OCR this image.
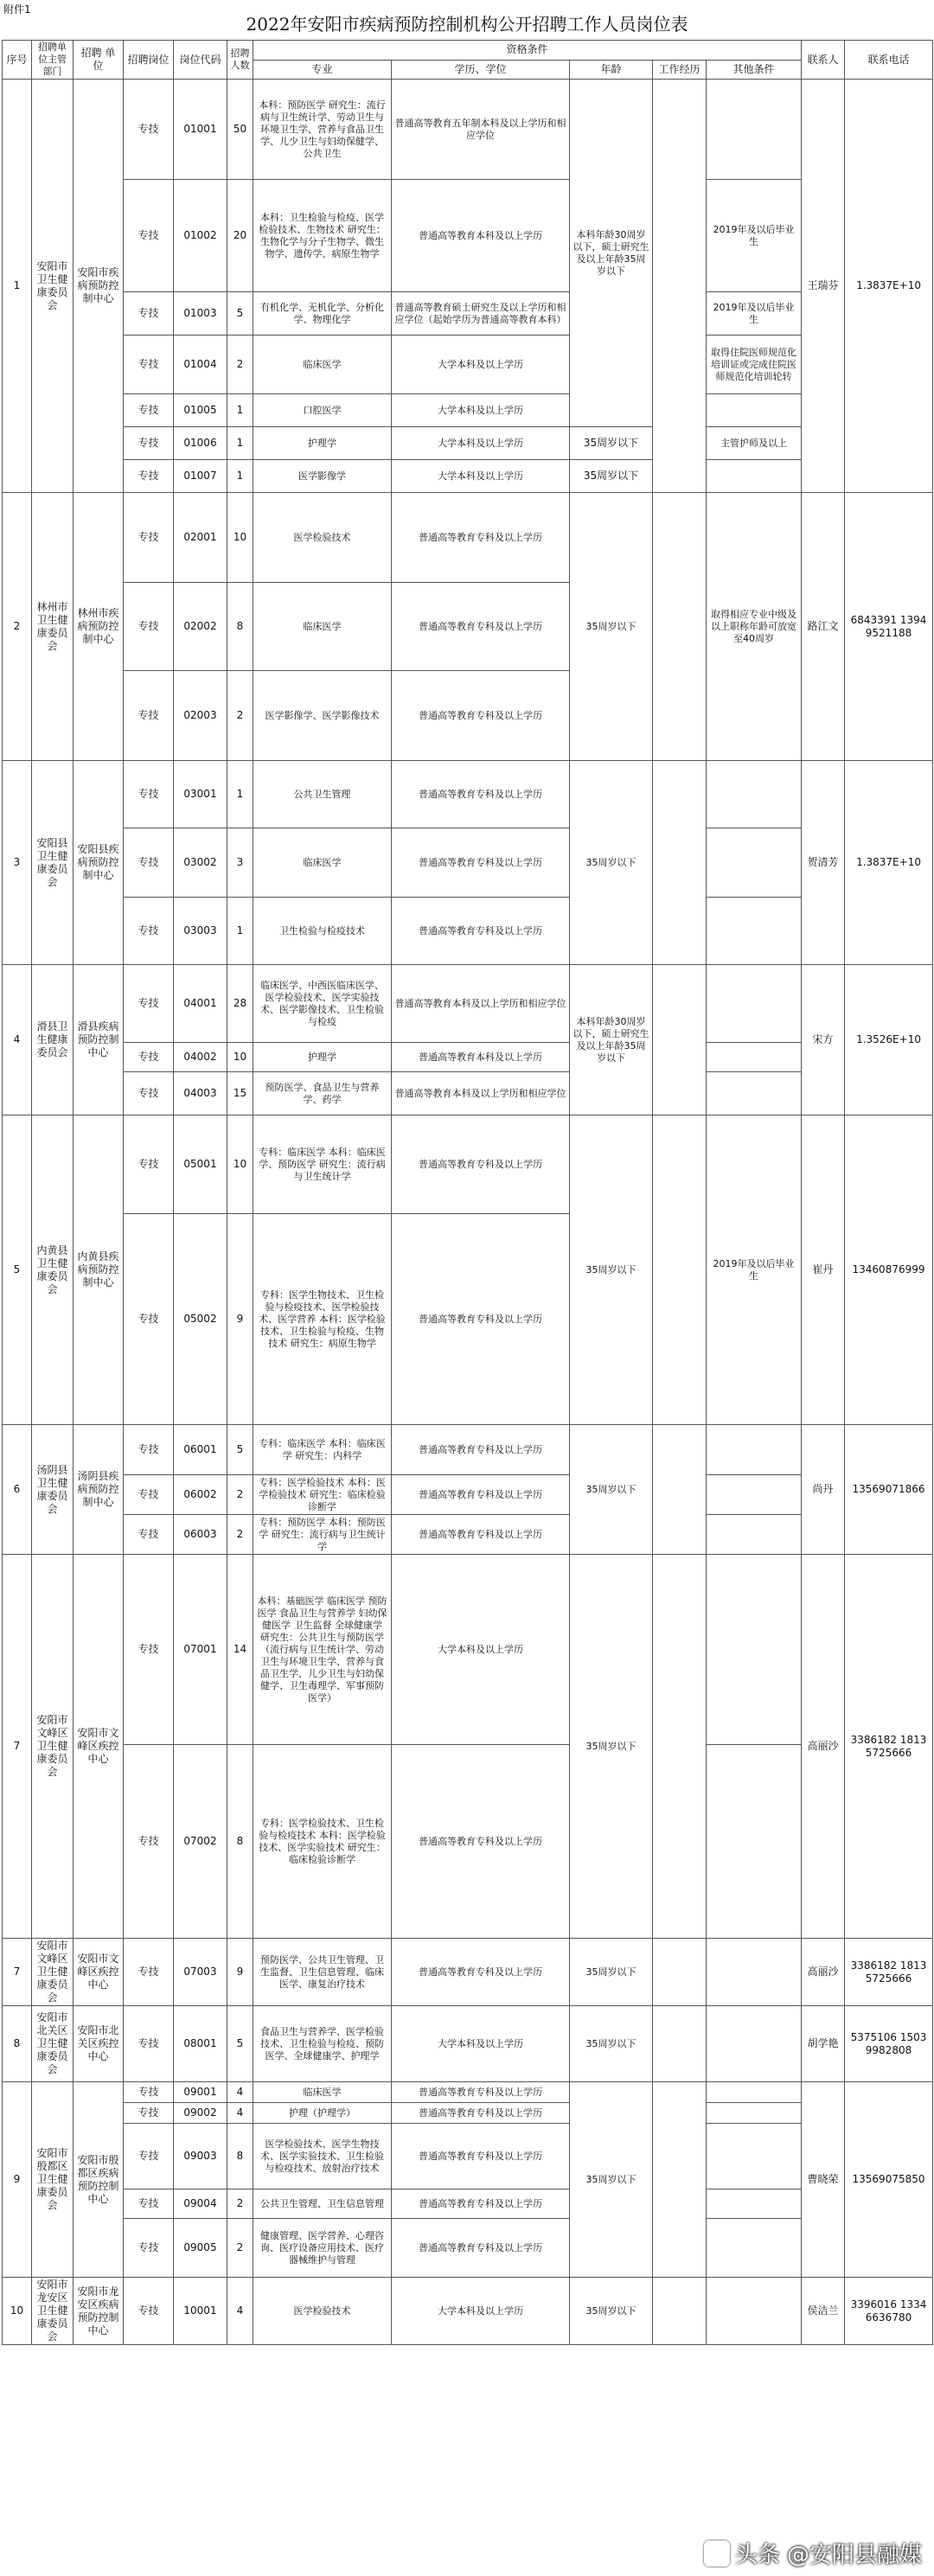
附件1
2022年安阳市疾病预防控制机构公开招聘工作人员岗位表
序号	招聘单位主管部门	招聘 单位	招聘岗位	岗位代码	招聘人数	资格条件					联系人	联系电话
						专业	学历、学位	年龄	工作经历	其他条件		
1	安阳市卫生健康委员会	安阳市疾病预防控制中心	专技	01001	50	本科：预防医学 研究生：流行病与卫生统计学、劳动卫生与环境卫生学、营养与食品卫生学、儿少卫生与妇幼保健学、公共卫生	普通高等教育五年制本科及以上学历和相应学位	本科年龄30周岁以下，硕士研究生及以上年龄35周岁以下			王瑞芬	1.3837E+10
			专技	01002	20	本科：卫生检验与检疫、医学检验技术、生物技术 研究生：生物化学与分子生物学、微生物学、遗传学、病原生物学	普通高等教育本科及以上学历			2019年及以后毕业生		
			专技	01003	5	有机化学、无机化学、分析化学、物理化学	普通高等教育硕士研究生及以上学历和相应学位（起始学历为普通高等教育本科）			2019年及以后毕业生		
			专技	01004	2	临床医学	大学本科及以上学历			取得住院医师规范化培训证或完成住院医师规范化培训轮转		
			专技	01005	1	口腔医学	大学本科及以上学历					
			专技	01006	1	护理学	大学本科及以上学历	35周岁以下		主管护师及以上		
			专技	01007	1	医学影像学	大学本科及以上学历	35周岁以下				
2	林州市卫生健康委员会	林州市疾病预防控制中心	专技	02001	10	医学检验技术	普通高等教育专科及以上学历	35周岁以下		取得相应专业中级及以上职称年龄可放宽至40周岁	路江文	6843391 13949521188
			专技	02002	8	临床医学	普通高等教育专科及以上学历					
			专技	02003	2	医学影像学、医学影像技术	普通高等教育专科及以上学历					
3	安阳县卫生健康委员会	安阳县疾病预防控制中心	专技	03001	1	公共卫生管理	普通高等教育专科及以上学历	35周岁以下			贺清芳	1.3837E+10
			专技	03002	3	临床医学	普通高等教育专科及以上学历					
			专技	03003	1	卫生检验与检疫技术	普通高等教育专科及以上学历					
4	滑县卫生健康委员会	滑县疾病预防控制中心	专技	04001	28	临床医学、中西医临床医学、医学检验技术、医学实验技术、医学影像技术、卫生检验与检疫	普通高等教育本科及以上学历和相应学位	本科年龄30周岁以下，硕士研究生及以上年龄35周岁以下			宋方	1.3526E+10
			专技	04002	10	护理学	普通高等教育本科及以上学历					
			专技	04003	15	预防医学、食品卫生与营养学、药学	普通高等教育本科及以上学历和相应学位					
5	内黄县卫生健康委员会	内黄县疾病预防控制中心	专技	05001	10	专科：临床医学 本科：临床医学、预防医学 研究生：流行病与卫生统计学	普通高等教育专科及以上学历	35周岁以下		2019年及以后毕业生	崔丹	13460876999
			专技	05002	9	专科：医学生物技术、卫生检验与检疫技术、医学检验技术、医学营养 本科：医学检验技术、卫生检验与检疫、生物技术 研究生：病原生物学	普通高等教育专科及以上学历					
6	汤阴县卫生健康委员会	汤阴县疾病预防控制中心	专技	06001	5	专科：临床医学 本科：临床医学 研究生：内科学	普通高等教育专科及以上学历	35周岁以下			尚丹	13569071866
			专技	06002	2	专科：医学检验技术 本科：医学检验技术 研究生：临床检验诊断学	普通高等教育专科及以上学历					
			专技	06003	2	专科：预防医学 本科：预防医学 研究生：流行病与卫生统计学	普通高等教育专科及以上学历					
7	安阳市文峰区卫生健康委员会	安阳市文峰区疾控中心	专技	07001	14	本科：基础医学 临床医学 预防医学 食品卫生与营养学 妇幼保健医学 卫生监督 全球健康学 研究生：公共卫生与预防医学（流行病与卫生统计学、劳动卫生与环境卫生学、营养与食品卫生学、儿少卫生与妇幼保健学、卫生毒理学、军事预防医学）	大学本科及以上学历	35周岁以下			高丽沙	3386182 18135725666
			专技	07002	8	专科：医学检验技术、卫生检验与检疫技术 本科：医学检验技术、医学实验技术 研究生：临床检验诊断学	普通高等教育专科及以上学历					
7	安阳市文峰区卫生健康委员会	安阳市文峰区疾控中心	专技	07003	9	预防医学、公共卫生管理、卫生监督、卫生信息管理、临床医学、康复治疗技术	普通高等教育专科及以上学历	35周岁以下			高丽沙	3386182 18135725666
8	安阳市北关区卫生健康委员会	安阳市北关区疾控中心	专技	08001	5	食品卫生与营养学、医学检验技术、卫生检验与检疫、预防医学、全球健康学、护理学	大学本科及以上学历	35周岁以下			胡学艳	5375106 15039982808
9	安阳市殷都区卫生健康委员会	安阳市殷都区疾病预防控制中心	专技	09001	4	临床医学	普通高等教育专科及以上学历	35周岁以下			曹晓荣	13569075850
			专技	09002	4	护理（护理学）	普通高等教育专科及以上学历					
			专技	09003	8	医学检验技术、医学生物技术、医学实验技术、卫生检验与检疫技术、放射治疗技术	普通高等教育专科及以上学历					
			专技	09004	2	公共卫生管理、卫生信息管理	普通高等教育专科及以上学历					
			专技	09005	2	健康管理、医学营养、心理咨询、医疗设备应用技术、医疗器械维护与管理	普通高等教育专科及以上学历					
10	安阳市龙安区卫生健康委员会	安阳市龙安区疾病预防控制中心	专技	10001	4	医学检验技术	大学本科及以上学历	35周岁以下			侯洁兰	3396016 13346636780
头条 @安阳县融媒
